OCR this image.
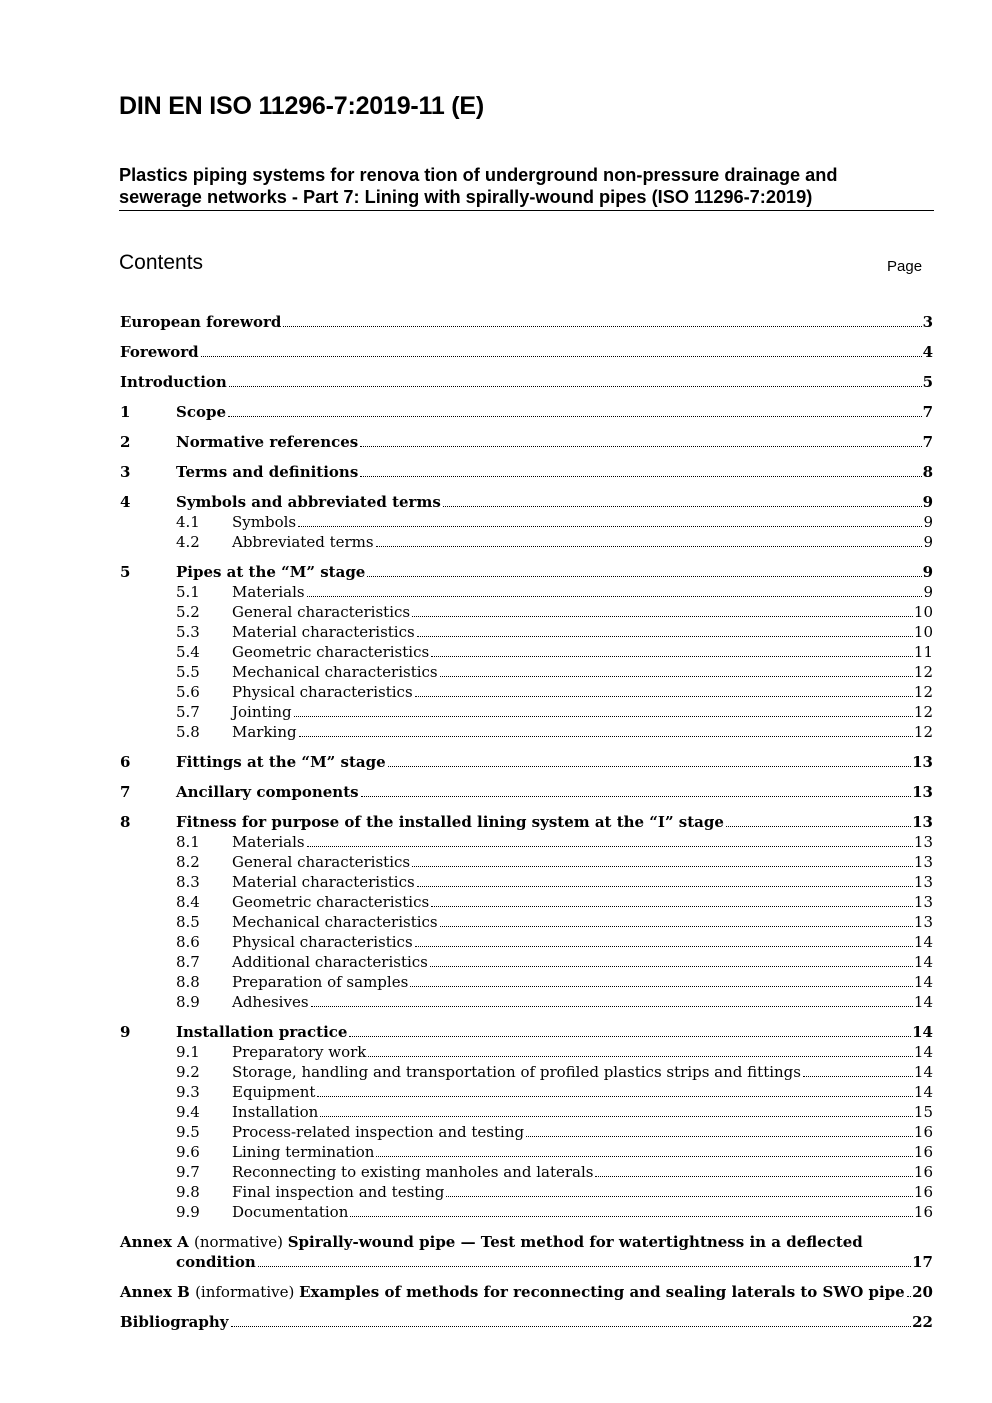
DIN EN ISO 11296-7:2019-11 (E)
Plastics piping systems for renova tion of underground non-pressure drainage and
sewerage networks - Part 7: Lining with spirally-wound pipes (ISO 11296-7:2019)
Contents	Page
European foreword	3
Foreword	4
Introduction	5
1	Scope	7
2	Normative references	7
3	Terms and definitions	8
4	Symbols and abbreviated terms	9
4.1	Symbols	9
4.2	Abbreviated terms	9
5	Pipes at the “M” stage	9
5.1	Materials	9
5.2	General characteristics	10
5.3	Material characteristics	10
5.4	Geometric characteristics	11
5.5	Mechanical characteristics	12
5.6	Physical characteristics	12
5.7	Jointing	12
5.8	Marking	12
6	Fittings at the “M” stage	13
7	Ancillary components	13
8	Fitness for purpose of the installed lining system at the “I” stage	13
8.1	Materials	13
8.2	General characteristics	13
8.3	Material characteristics	13
8.4	Geometric characteristics	13
8.5	Mechanical characteristics	13
8.6	Physical characteristics	14
8.7	Additional characteristics	14
8.8	Preparation of samples	14
8.9	Adhesives	14
9	Installation practice	14
9.1	Preparatory work	14
9.2	Storage, handling and transportation of profiled plastics strips and fittings	14
9.3	Equipment	14
9.4	Installation	15
9.5	Process-related inspection and testing	16
9.6	Lining termination	16
9.7	Reconnecting to existing manholes and laterals	16
9.8	Final inspection and testing	16
9.9	Documentation	16
Annex A (normative) Spirally-wound pipe — Test method for watertightness in a deflected
condition	17
Annex B (informative) Examples of methods for reconnecting and sealing laterals to SWO pipe 20
Bibliography	22
